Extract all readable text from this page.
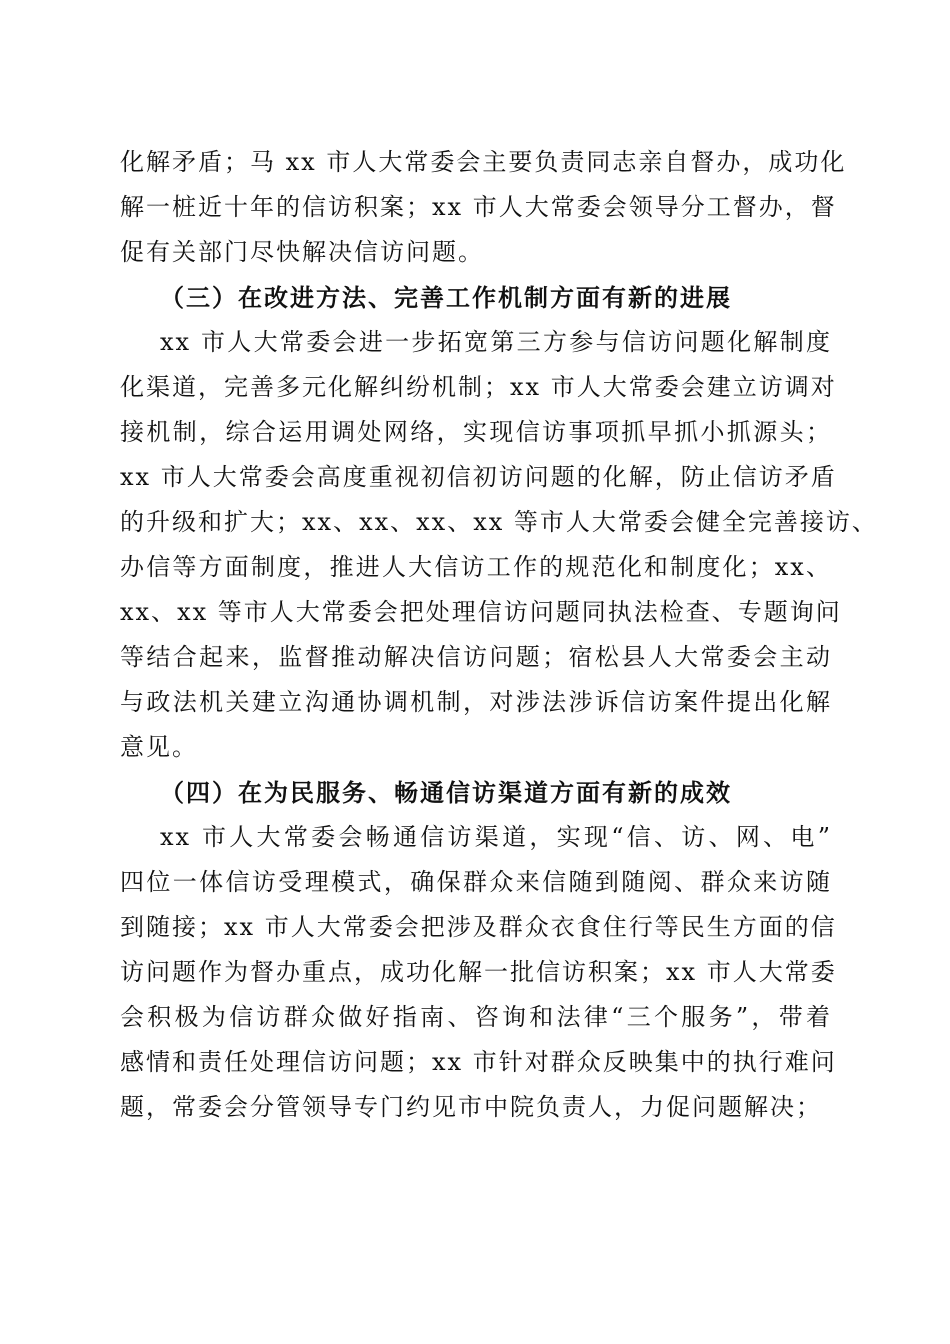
化解矛盾；马 xx 市人大常委会主要负责同志亲自督办，成功化
解一桩近十年的信访积案；xx 市人大常委会领导分工督办，督
促有关部门尽快解决信访问题。
（三）在改进方法、完善工作机制方面有新的进展
xx 市人大常委会进一步拓宽第三方参与信访问题化解制度
化渠道，完善多元化解纠纷机制；xx 市人大常委会建立访调对
接机制，综合运用调处网络，实现信访事项抓早抓小抓源头；
xx 市人大常委会高度重视初信初访问题的化解，防止信访矛盾
的升级和扩大；xx、xx、xx、xx 等市人大常委会健全完善接访、
办信等方面制度，推进人大信访工作的规范化和制度化；xx、
xx、xx 等市人大常委会把处理信访问题同执法检查、专题询问
等结合起来，监督推动解决信访问题；宿松县人大常委会主动
与政法机关建立沟通协调机制，对涉法涉诉信访案件提出化解
意见。
（四）在为民服务、畅通信访渠道方面有新的成效
xx 市人大常委会畅通信访渠道，实现“信、访、网、电”
四位一体信访受理模式，确保群众来信随到随阅、群众来访随
到随接；xx 市人大常委会把涉及群众衣食住行等民生方面的信
访问题作为督办重点，成功化解一批信访积案；xx 市人大常委
会积极为信访群众做好指南、咨询和法律“三个服务”，带着
感情和责任处理信访问题；xx 市针对群众反映集中的执行难问
题，常委会分管领导专门约见市中院负责人，力促问题解决；
